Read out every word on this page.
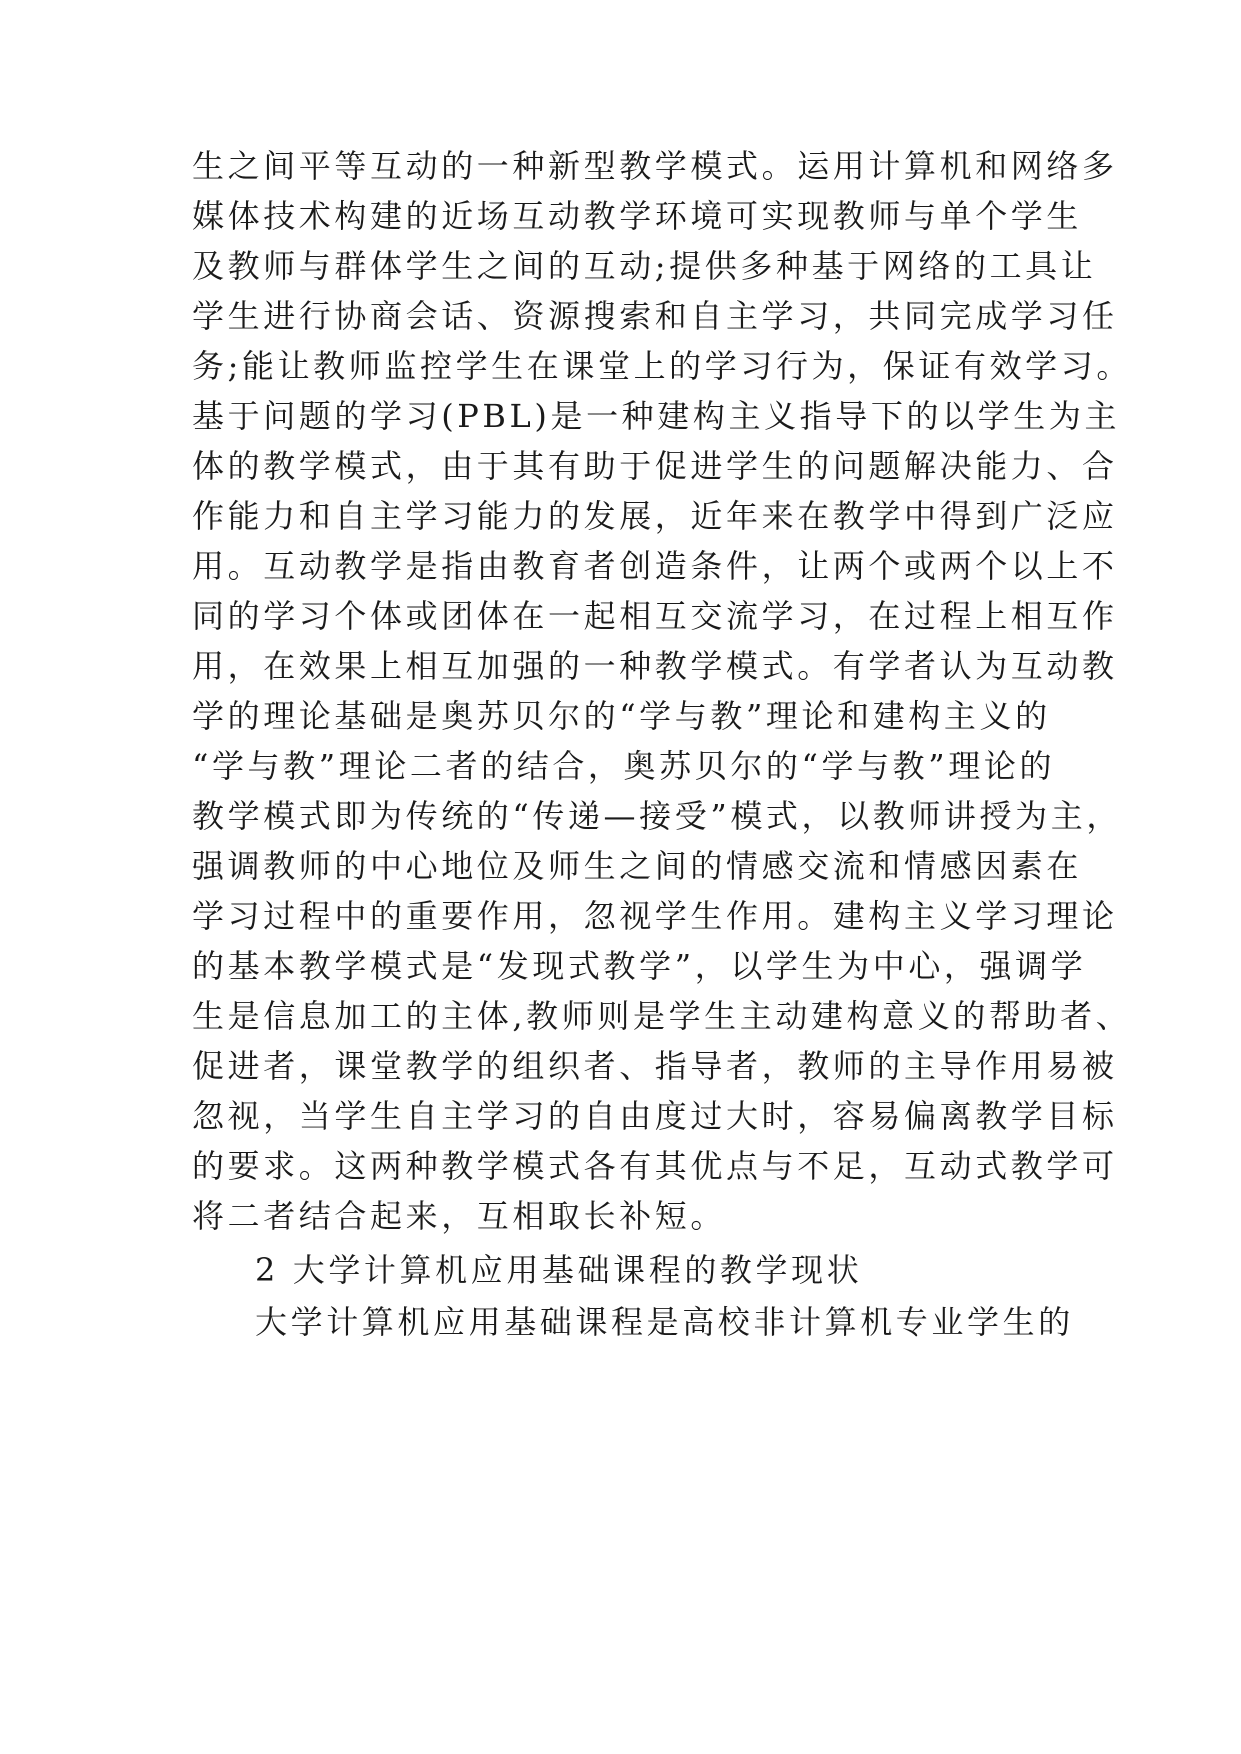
生之间平等互动的一种新型教学模式。运用计算机和网络多
媒体技术构建的近场互动教学环境可实现教师与单个学生
及教师与群体学生之间的互动;提供多种基于网络的工具让
学生进行协商会话、资源搜索和自主学习，共同完成学习任
务;能让教师监控学生在课堂上的学习行为，保证有效学习。
基于问题的学习(PBL)是一种建构主义指导下的以学生为主
体的教学模式，由于其有助于促进学生的问题解决能力、合
作能力和自主学习能力的发展，近年来在教学中得到广泛应
用。互动教学是指由教育者创造条件，让两个或两个以上不
同的学习个体或团体在一起相互交流学习，在过程上相互作
用，在效果上相互加强的一种教学模式。有学者认为互动教
学的理论基础是奥苏贝尔的“学与教”理论和建构主义的
“学与教”理论二者的结合，奥苏贝尔的“学与教”理论的
教学模式即为传统的“传递—接受”模式，以教师讲授为主，
强调教师的中心地位及师生之间的情感交流和情感因素在
学习过程中的重要作用，忽视学生作用。建构主义学习理论
的基本教学模式是“发现式教学”，以学生为中心，强调学
生是信息加工的主体,教师则是学生主动建构意义的帮助者、
促进者，课堂教学的组织者、指导者，教师的主导作用易被
忽视，当学生自主学习的自由度过大时，容易偏离教学目标
的要求。这两种教学模式各有其优点与不足，互动式教学可
将二者结合起来，互相取长补短。
2 大学计算机应用基础课程的教学现状
大学计算机应用基础课程是高校非计算机专业学生的
